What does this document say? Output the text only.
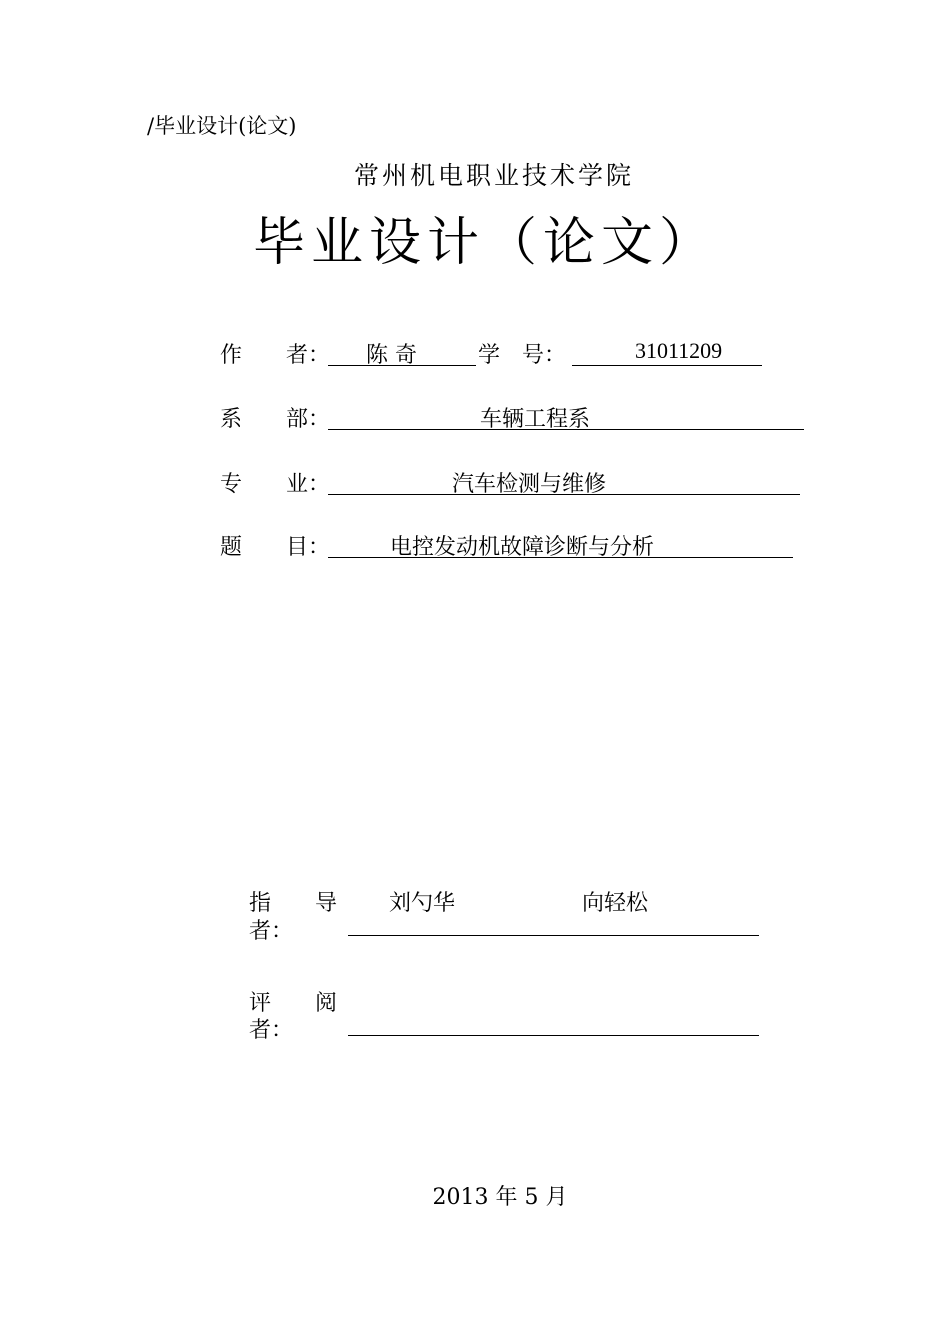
/毕业设计(论文)
常州机电职业技术学院
毕业设计（论文）
作　　者： 陈 奇	学　号：	31011209
系　　部：	车辆工程系
专　　业：	汽车检测与维修
题　　目：	电控发动机故障诊断与分析
指　　导
者：
刘勺华	向轻松
评　　阅
者：
2013 年 5 月
